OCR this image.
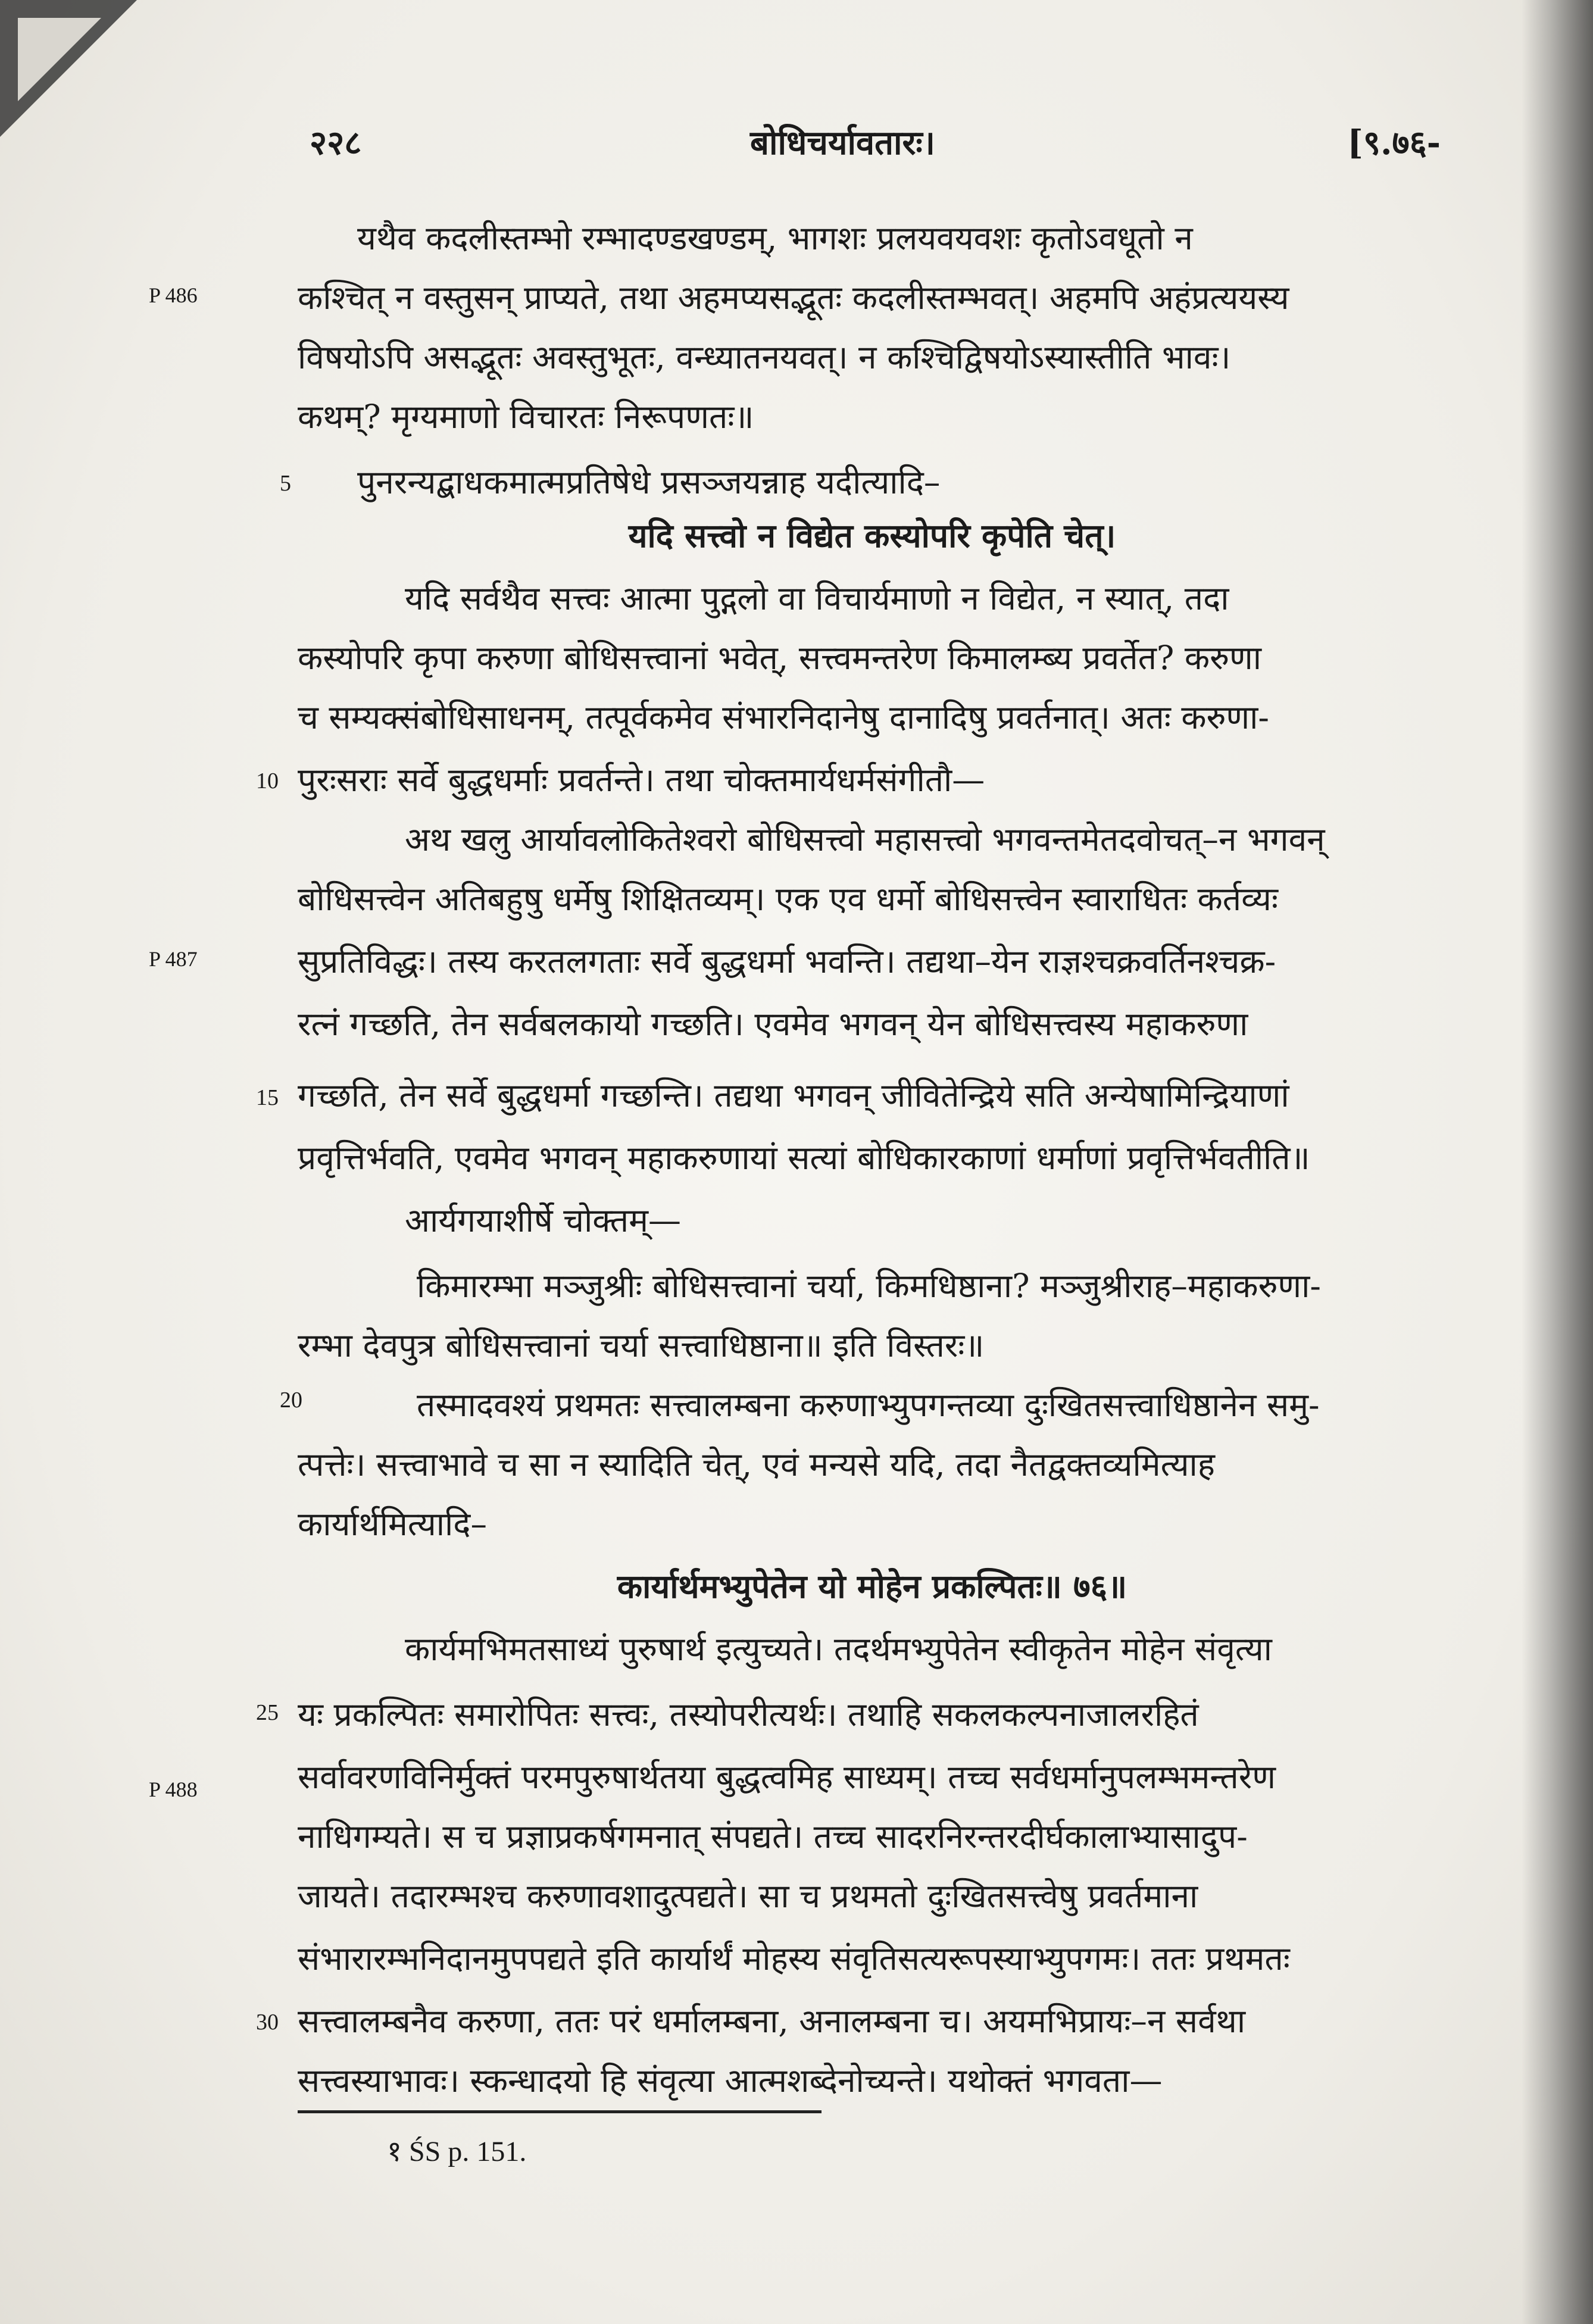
२२८	बोधिचर्यावतारः।	[९.७६-
P 486
P 487
P 488
5
10
15
20
25
30
यथैव कदलीस्तम्भो रम्भादण्डखण्डम्, भागशः प्रलयवयवशः कृतोऽवधूतो न
कश्चित् न वस्तुसन् प्राप्यते, तथा अहमप्यसद्भूतः कदलीस्तम्भवत्। अहमपि अहंप्रत्ययस्य
विषयोऽपि असद्भूतः अवस्तुभूतः, वन्ध्यातनयवत्। न कश्चिद्विषयोऽस्यास्तीति भावः।
कथम्? मृग्यमाणो विचारतः निरूपणतः॥
पुनरन्यद्बाधकमात्मप्रतिषेधे प्रसञ्जयन्नाह यदीत्यादि–
यदि सत्त्वो न विद्येत कस्योपरि कृपेति चेत्।
यदि सर्वथैव सत्त्वः आत्मा पुद्गलो वा विचार्यमाणो न विद्येत, न स्यात्, तदा
कस्योपरि कृपा करुणा बोधिसत्त्वानां भवेत्, सत्त्वमन्तरेण किमालम्ब्य प्रवर्तेत? करुणा
च सम्यक्संबोधिसाधनम्, तत्पूर्वकमेव संभारनिदानेषु दानादिषु प्रवर्तनात्। अतः करुणा-
पुरःसराः सर्वे बुद्धधर्माः प्रवर्तन्ते। तथा चोक्तमार्यधर्मसंगीतौ—
अथ खलु आर्यावलोकितेश्वरो बोधिसत्त्वो महासत्त्वो भगवन्तमेतदवोचत्–न भगवन्
बोधिसत्त्वेन अतिबहुषु धर्मेषु शिक्षितव्यम्। एक एव धर्मो बोधिसत्त्वेन स्वाराधितः कर्तव्यः
सुप्रतिविद्धः। तस्य करतलगताः सर्वे बुद्धधर्मा भवन्ति। तद्यथा–येन राज्ञश्चक्रवर्तिनश्चक्र-
रत्नं गच्छति, तेन सर्वबलकायो गच्छति। एवमेव भगवन् येन बोधिसत्त्वस्य महाकरुणा
गच्छति, तेन सर्वे बुद्धधर्मा गच्छन्ति। तद्यथा भगवन् जीवितेन्द्रिये सति अन्येषामिन्द्रियाणां
प्रवृत्तिर्भवति, एवमेव भगवन् महाकरुणायां सत्यां बोधिकारकाणां धर्माणां प्रवृत्तिर्भवतीति॥
आर्यगयाशीर्षे चोक्तम्—
किमारम्भा मञ्जुश्रीः बोधिसत्त्वानां चर्या, किमधिष्ठाना? मञ्जुश्रीराह–महाकरुणा-
रम्भा देवपुत्र बोधिसत्त्वानां चर्या सत्त्वाधिष्ठाना॥ इति विस्तरः॥
तस्मादवश्यं प्रथमतः सत्त्वालम्बना करुणाभ्युपगन्तव्या दुःखितसत्त्वाधिष्ठानेन समु-
त्पत्तेः। सत्त्वाभावे च सा न स्यादिति चेत्, एवं मन्यसे यदि, तदा नैतद्वक्तव्यमित्याह
कार्यार्थमित्यादि–
कार्यार्थमभ्युपेतेन यो मोहेन प्रकल्पितः॥ ७६॥
कार्यमभिमतसाध्यं पुरुषार्थ इत्युच्यते। तदर्थमभ्युपेतेन स्वीकृतेन मोहेन संवृत्या
यः प्रकल्पितः समारोपितः सत्त्वः, तस्योपरीत्यर्थः। तथाहि सकलकल्पनाजालरहितं
सर्वावरणविनिर्मुक्तं परमपुरुषार्थतया बुद्धत्वमिह साध्यम्। तच्च सर्वधर्मानुपलम्भमन्तरेण
नाधिगम्यते। स च प्रज्ञाप्रकर्षगमनात् संपद्यते। तच्च सादरनिरन्तरदीर्घकालाभ्यासादुप-
जायते। तदारम्भश्च करुणावशादुत्पद्यते। सा च प्रथमतो दुःखितसत्त्वेषु प्रवर्तमाना
संभारारम्भनिदानमुपपद्यते इति कार्यार्थं मोहस्य संवृतिसत्यरूपस्याभ्युपगमः। ततः प्रथमतः
सत्त्वालम्बनैव करुणा, ततः परं धर्मालम्बना, अनालम्बना च। अयमभिप्रायः–न सर्वथा
सत्त्वस्याभावः। स्कन्धादयो हि संवृत्या आत्मशब्देनोच्यन्ते। यथोक्तं भगवता—
१ ŚS p. 151.
